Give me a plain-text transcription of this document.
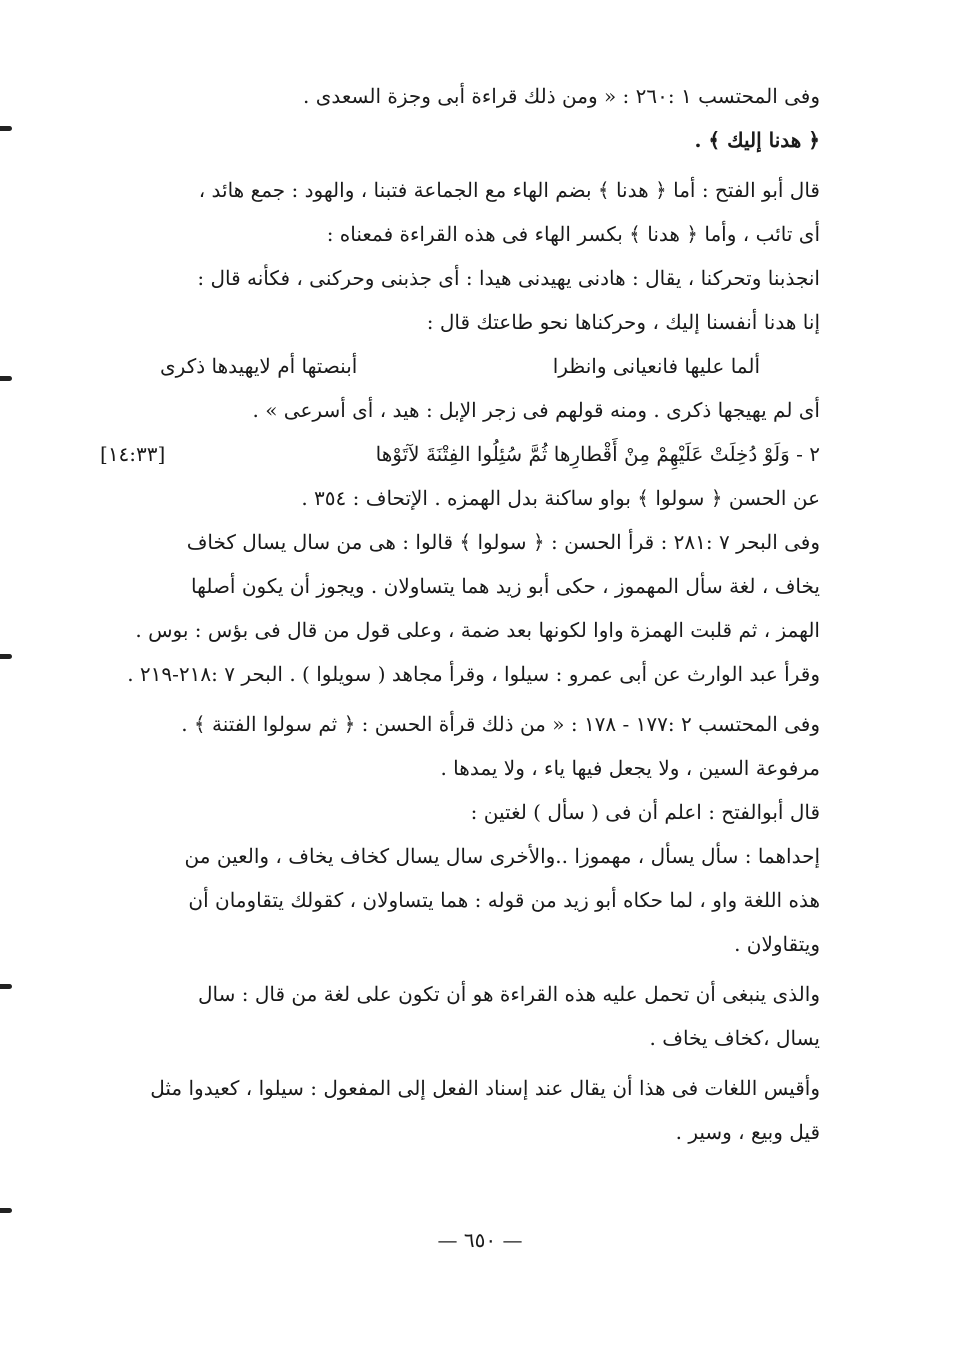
وفى المحتسب ١ :٢٦٠ : « ومن ذلك قراءة أبى وجزة السعدى .
﴿ هدنا إليك ﴾ .
قال أبو الفتح : أما ﴿ هدنا ﴾ بضم الهاء مع الجماعة فتبنا ، والهود : جمع هائد ،
أى تائب ، وأما ﴿ هدنا ﴾ بكسر الهاء فى هذه القراءة فمعناه :
انجذبنا وتحركنا ، يقال : هادنى يهيدنى هيدا : أى جذبنى وحركنى ، فكأنه قال :
إنا هدنا أنفسنا إليك ، وحركناها نحو طاعتك قال :
ألما عليها فانعيانى وانظرا
أبنصتها أم لايهيدها ذكرى
أى لم يهيجها ذكرى . ومنه قولهم فى زجر الإبل : هيد ، أى أسرعى » .
٢ - وَلَوْ دُخِلَتْ عَلَيْهِمْ مِنْ أَقْطارِها ثُمَّ سُئِلُوا الفِتْنَةَ لآتَوْها
[١٤:٣٣]
عن الحسن ﴿ سولوا ﴾ بواو ساكنة بدل الهمزه . الإتحاف : ٣٥٤ .
وفى البحر ٧ :٢٨١ : قرأ الحسن : ﴿ سولوا ﴾ قالوا : هى من سال يسال كخاف
يخاف ، لغة سأل المهموز ، حكى أبو زيد هما يتساولان . ويجوز أن يكون أصلها
الهمز ، ثم قلبت الهمزة واوا لكونها بعد ضمة ، وعلى قول من قال فى بؤس : بوس .
وقرأ عبد الوارث عن أبى عمرو : سيلوا ، وقرأ مجاهد ( سويلوا ) . البحر ٧ :٢١٨-٢١٩ .
وفى المحتسب ٢ :١٧٧ - ١٧٨ : « من ذلك قرأة الحسن : ﴿ ثم سولوا الفتنة ﴾ .
مرفوعة السين ، ولا يجعل فيها ياء ، ولا يمدها .
قال أبوالفتح : اعلم أن فى ( سأل ) لغتين :
إحداهما : سأل يسأل ، مهموزا ..والأخرى سال يسال كخاف يخاف ، والعين من
هذه اللغة واو ، لما حكاه أبو زيد من قوله : هما يتساولان ، كقولك يتقاومان أن
ويتقاولان .
والذى ينبغى أن تحمل عليه هذه القراءة هو أن تكون على لغة من قال : سال
يسال ،كخاف يخاف .
وأقيس اللغات فى هذا أن يقال عند إسناد الفعل إلى المفعول : سيلوا ، كعيدوا مثل
قيل وبيع ، وسير .
— ٦٥٠ —
